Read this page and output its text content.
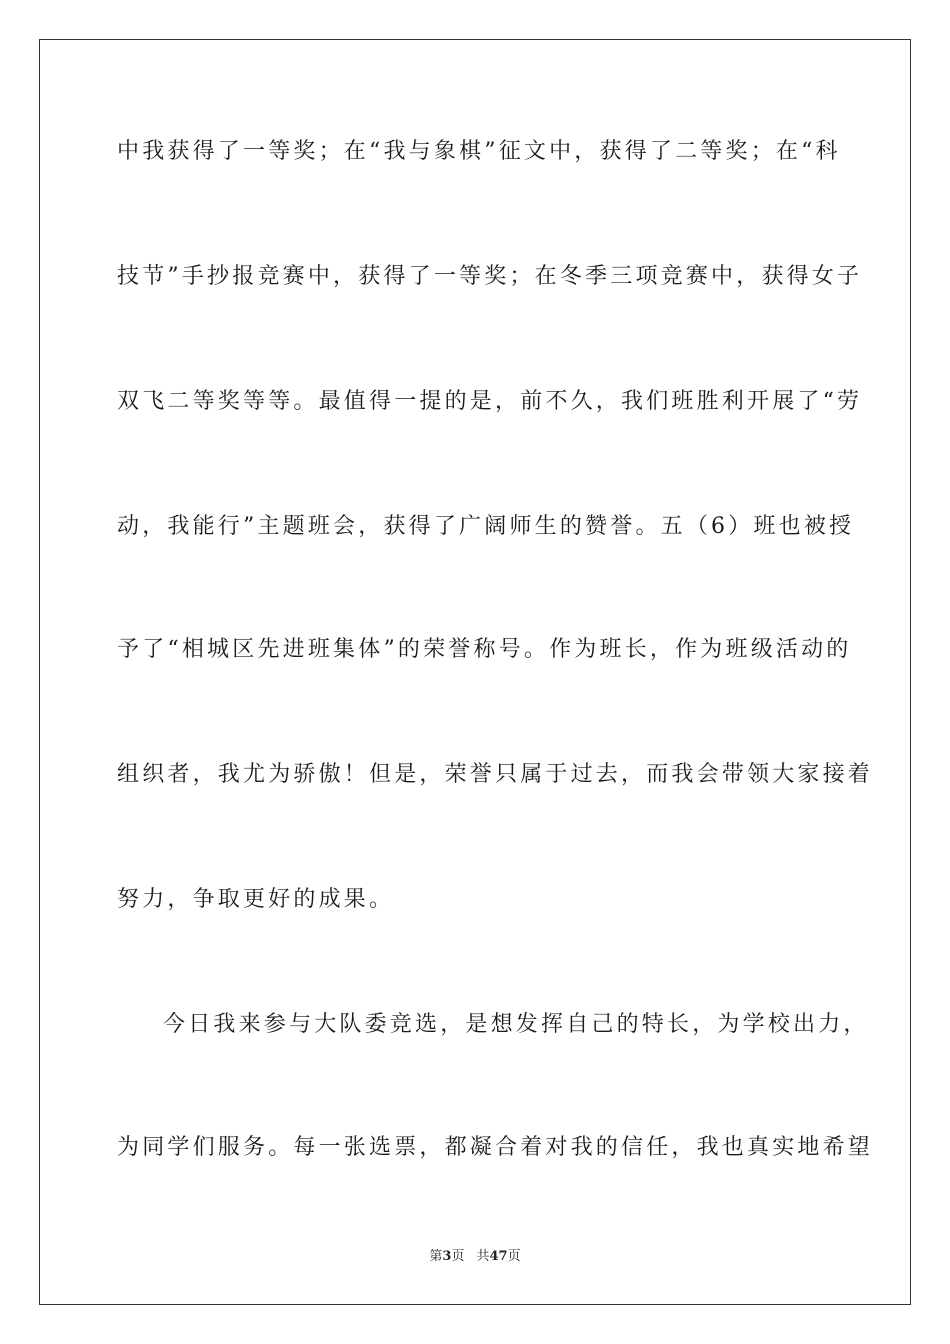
中我获得了一等奖；在“我与象棋”征文中，获得了二等奖；在“科
技节”手抄报竞赛中，获得了一等奖；在冬季三项竞赛中，获得女子
双飞二等奖等等。最值得一提的是，前不久，我们班胜利开展了“劳
动，我能行”主题班会，获得了广阔师生的赞誉。五（6）班也被授
予了“相城区先进班集体”的荣誉称号。作为班长，作为班级活动的
组织者，我尤为骄傲！但是，荣誉只属于过去，而我会带领大家接着
努力，争取更好的成果。
今日我来参与大队委竞选，是想发挥自己的特长，为学校出力，
为同学们服务。每一张选票，都凝合着对我的信任，我也真实地希望
第3页 共47页
